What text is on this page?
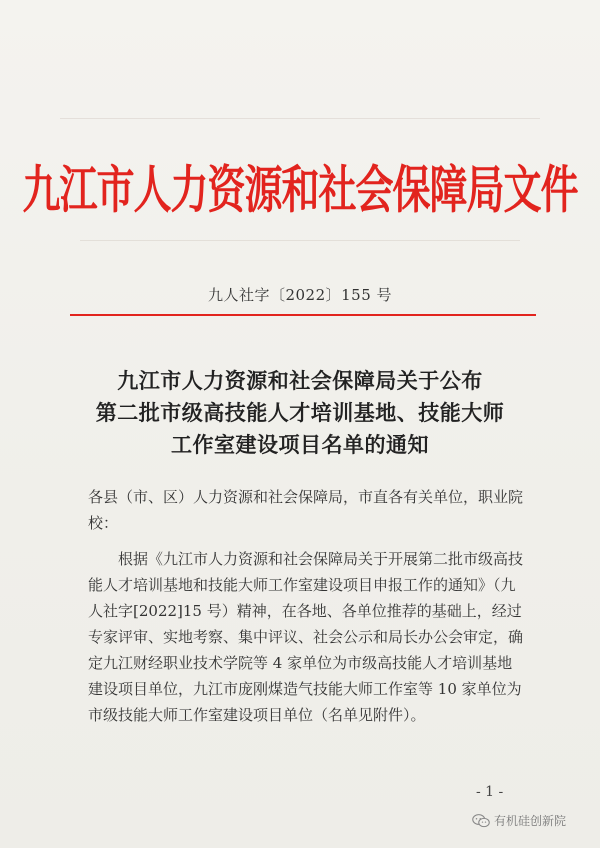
九江市人力资源和社会保障局文件
九人社字〔2022〕155 号
九江市人力资源和社会保障局关于公布
第二批市级高技能人才培训基地、技能大师
工作室建设项目名单的通知
各县（市、区）人力资源和社会保障局，市直各有关单位，职业院校：
根据《九江市人力资源和社会保障局关于开展第二批市级高技能人才培训基地和技能大师工作室建设项目申报工作的通知》（九人社字[2022]15 号）精神，在各地、各单位推荐的基础上，经过专家评审、实地考察、集中评议、社会公示和局长办公会审定，确定九江财经职业技术学院等 4 家单位为市级高技能人才培训基地建设项目单位，九江市庞刚煤造气技能大师工作室等 10 家单位为市级技能大师工作室建设项目单位（名单见附件）。
- 1 -
有机硅创新院
